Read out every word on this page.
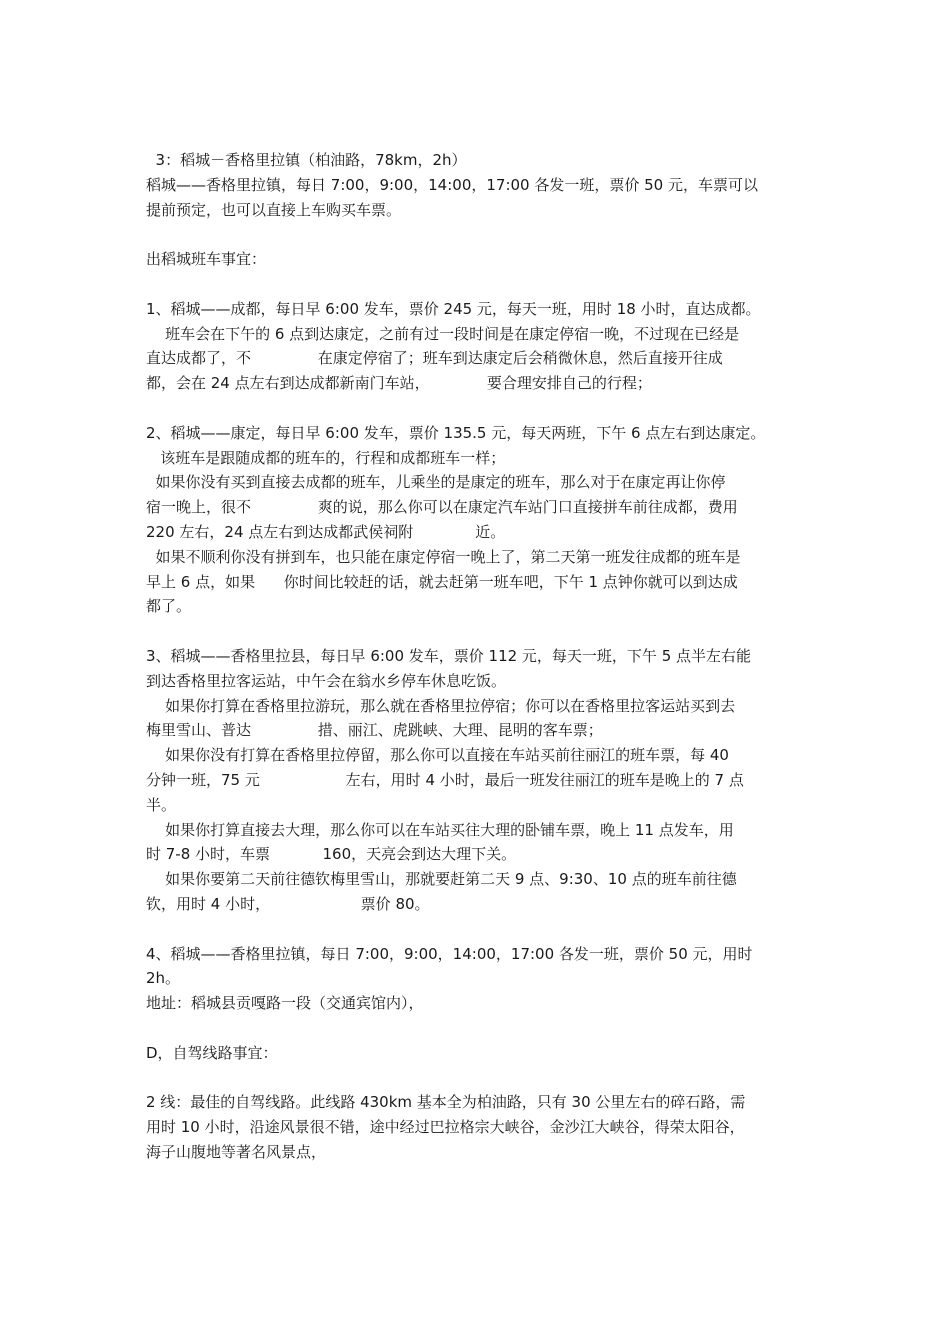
3：稻城－香格里拉镇（柏油路，78km，2h）
稻城——香格里拉镇，每日 7:00，9:00，14:00，17:00 各发一班，票价 50 元，车票可以
提前预定，也可以直接上车购买车票。
出稻城班车事宜：
1、稻城——成都，每日早 6:00 发车，票价 245 元，每天一班，用时 18 小时，直达成都。
班车会在下午的 6 点到达康定，之前有过一段时间是在康定停宿一晚，不过现在已经是
直达成都了，不              在康定停宿了；班车到达康定后会稍微休息，然后直接开往成
都，会在 24 点左右到达成都新南门车站，            要合理安排自己的行程；
2、稻城——康定，每日早 6:00 发车，票价 135.5 元，每天两班，下午 6 点左右到达康定。
该班车是跟随成都的班车的，行程和成都班车一样；
如果你没有买到直接去成都的班车，儿乘坐的是康定的班车，那么对于在康定再让你停
宿一晚上，很不              爽的说，那么你可以在康定汽车站门口直接拼车前往成都，费用
220 左右，24 点左右到达成都武侯祠附             近。
如果不顺利你没有拼到车，也只能在康定停宿一晚上了，第二天第一班发往成都的班车是
早上 6 点，如果      你时间比较赶的话，就去赶第一班车吧，下午 1 点钟你就可以到达成
都了。
3、稻城——香格里拉县，每日早 6:00 发车，票价 112 元，每天一班，下午 5 点半左右能
到达香格里拉客运站，中午会在翁水乡停车休息吃饭。
如果你打算在香格里拉游玩，那么就在香格里拉停宿；你可以在香格里拉客运站买到去
梅里雪山、普达              措、丽江、虎跳峡、大理、昆明的客车票；
如果你没有打算在香格里拉停留，那么你可以直接在车站买前往丽江的班车票，每 40
分钟一班，75 元                  左右，用时 4 小时，最后一班发往丽江的班车是晚上的 7 点
半。
如果你打算直接去大理，那么你可以在车站买往大理的卧铺车票，晚上 11 点发车，用
时 7-8 小时，车票           160，天亮会到达大理下关。
如果你要第二天前往德钦梅里雪山，那就要赶第二天 9 点、9:30、10 点的班车前往德
钦，用时 4 小时，                   票价 80。
4、稻城——香格里拉镇，每日 7:00，9:00，14:00，17:00 各发一班，票价 50 元，用时
2h。
地址：稻城县贡嘎路一段（交通宾馆内），
D，自驾线路事宜：
2 线：最佳的自驾线路。此线路 430km 基本全为柏油路，只有 30 公里左右的碎石路，需
用时 10 小时，沿途风景很不错，途中经过巴拉格宗大峡谷，金沙江大峡谷，得荣太阳谷，
海子山腹地等著名风景点，
